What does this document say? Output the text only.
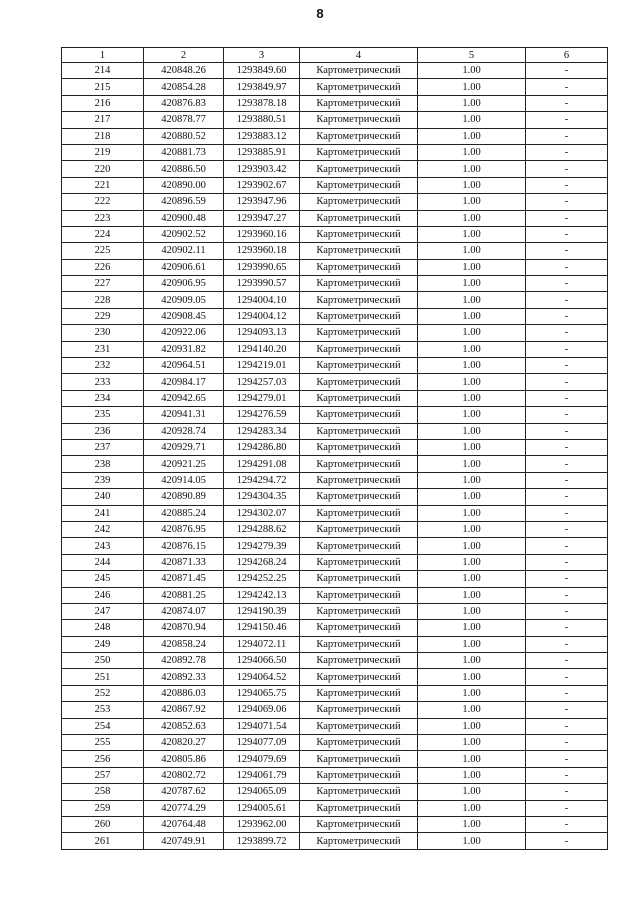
8
1	2	3	4	5	6
214	420848.26	1293849.60	Картометрический	1.00	-
215	420854.28	1293849.97	Картометрический	1.00	-
216	420876.83	1293878.18	Картометрический	1.00	-
217	420878.77	1293880.51	Картометрический	1.00	-
218	420880.52	1293883.12	Картометрический	1.00	-
219	420881.73	1293885.91	Картометрический	1.00	-
220	420886.50	1293903.42	Картометрический	1.00	-
221	420890.00	1293902.67	Картометрический	1.00	-
222	420896.59	1293947.96	Картометрический	1.00	-
223	420900.48	1293947.27	Картометрический	1.00	-
224	420902.52	1293960.16	Картометрический	1.00	-
225	420902.11	1293960.18	Картометрический	1.00	-
226	420906.61	1293990.65	Картометрический	1.00	-
227	420906.95	1293990.57	Картометрический	1.00	-
228	420909.05	1294004.10	Картометрический	1.00	-
229	420908.45	1294004.12	Картометрический	1.00	-
230	420922.06	1294093.13	Картометрический	1.00	-
231	420931.82	1294140.20	Картометрический	1.00	-
232	420964.51	1294219.01	Картометрический	1.00	-
233	420984.17	1294257.03	Картометрический	1.00	-
234	420942.65	1294279.01	Картометрический	1.00	-
235	420941.31	1294276.59	Картометрический	1.00	-
236	420928.74	1294283.34	Картометрический	1.00	-
237	420929.71	1294286.80	Картометрический	1.00	-
238	420921.25	1294291.08	Картометрический	1.00	-
239	420914.05	1294294.72	Картометрический	1.00	-
240	420890.89	1294304.35	Картометрический	1.00	-
241	420885.24	1294302.07	Картометрический	1.00	-
242	420876.95	1294288.62	Картометрический	1.00	-
243	420876.15	1294279.39	Картометрический	1.00	-
244	420871.33	1294268.24	Картометрический	1.00	-
245	420871.45	1294252.25	Картометрический	1.00	-
246	420881.25	1294242.13	Картометрический	1.00	-
247	420874.07	1294190.39	Картометрический	1.00	-
248	420870.94	1294150.46	Картометрический	1.00	-
249	420858.24	1294072.11	Картометрический	1.00	-
250	420892.78	1294066.50	Картометрический	1.00	-
251	420892.33	1294064.52	Картометрический	1.00	-
252	420886.03	1294065.75	Картометрический	1.00	-
253	420867.92	1294069.06	Картометрический	1.00	-
254	420852.63	1294071.54	Картометрический	1.00	-
255	420820.27	1294077.09	Картометрический	1.00	-
256	420805.86	1294079.69	Картометрический	1.00	-
257	420802.72	1294061.79	Картометрический	1.00	-
258	420787.62	1294065.09	Картометрический	1.00	-
259	420774.29	1294005.61	Картометрический	1.00	-
260	420764.48	1293962.00	Картометрический	1.00	-
261	420749.91	1293899.72	Картометрический	1.00	-
